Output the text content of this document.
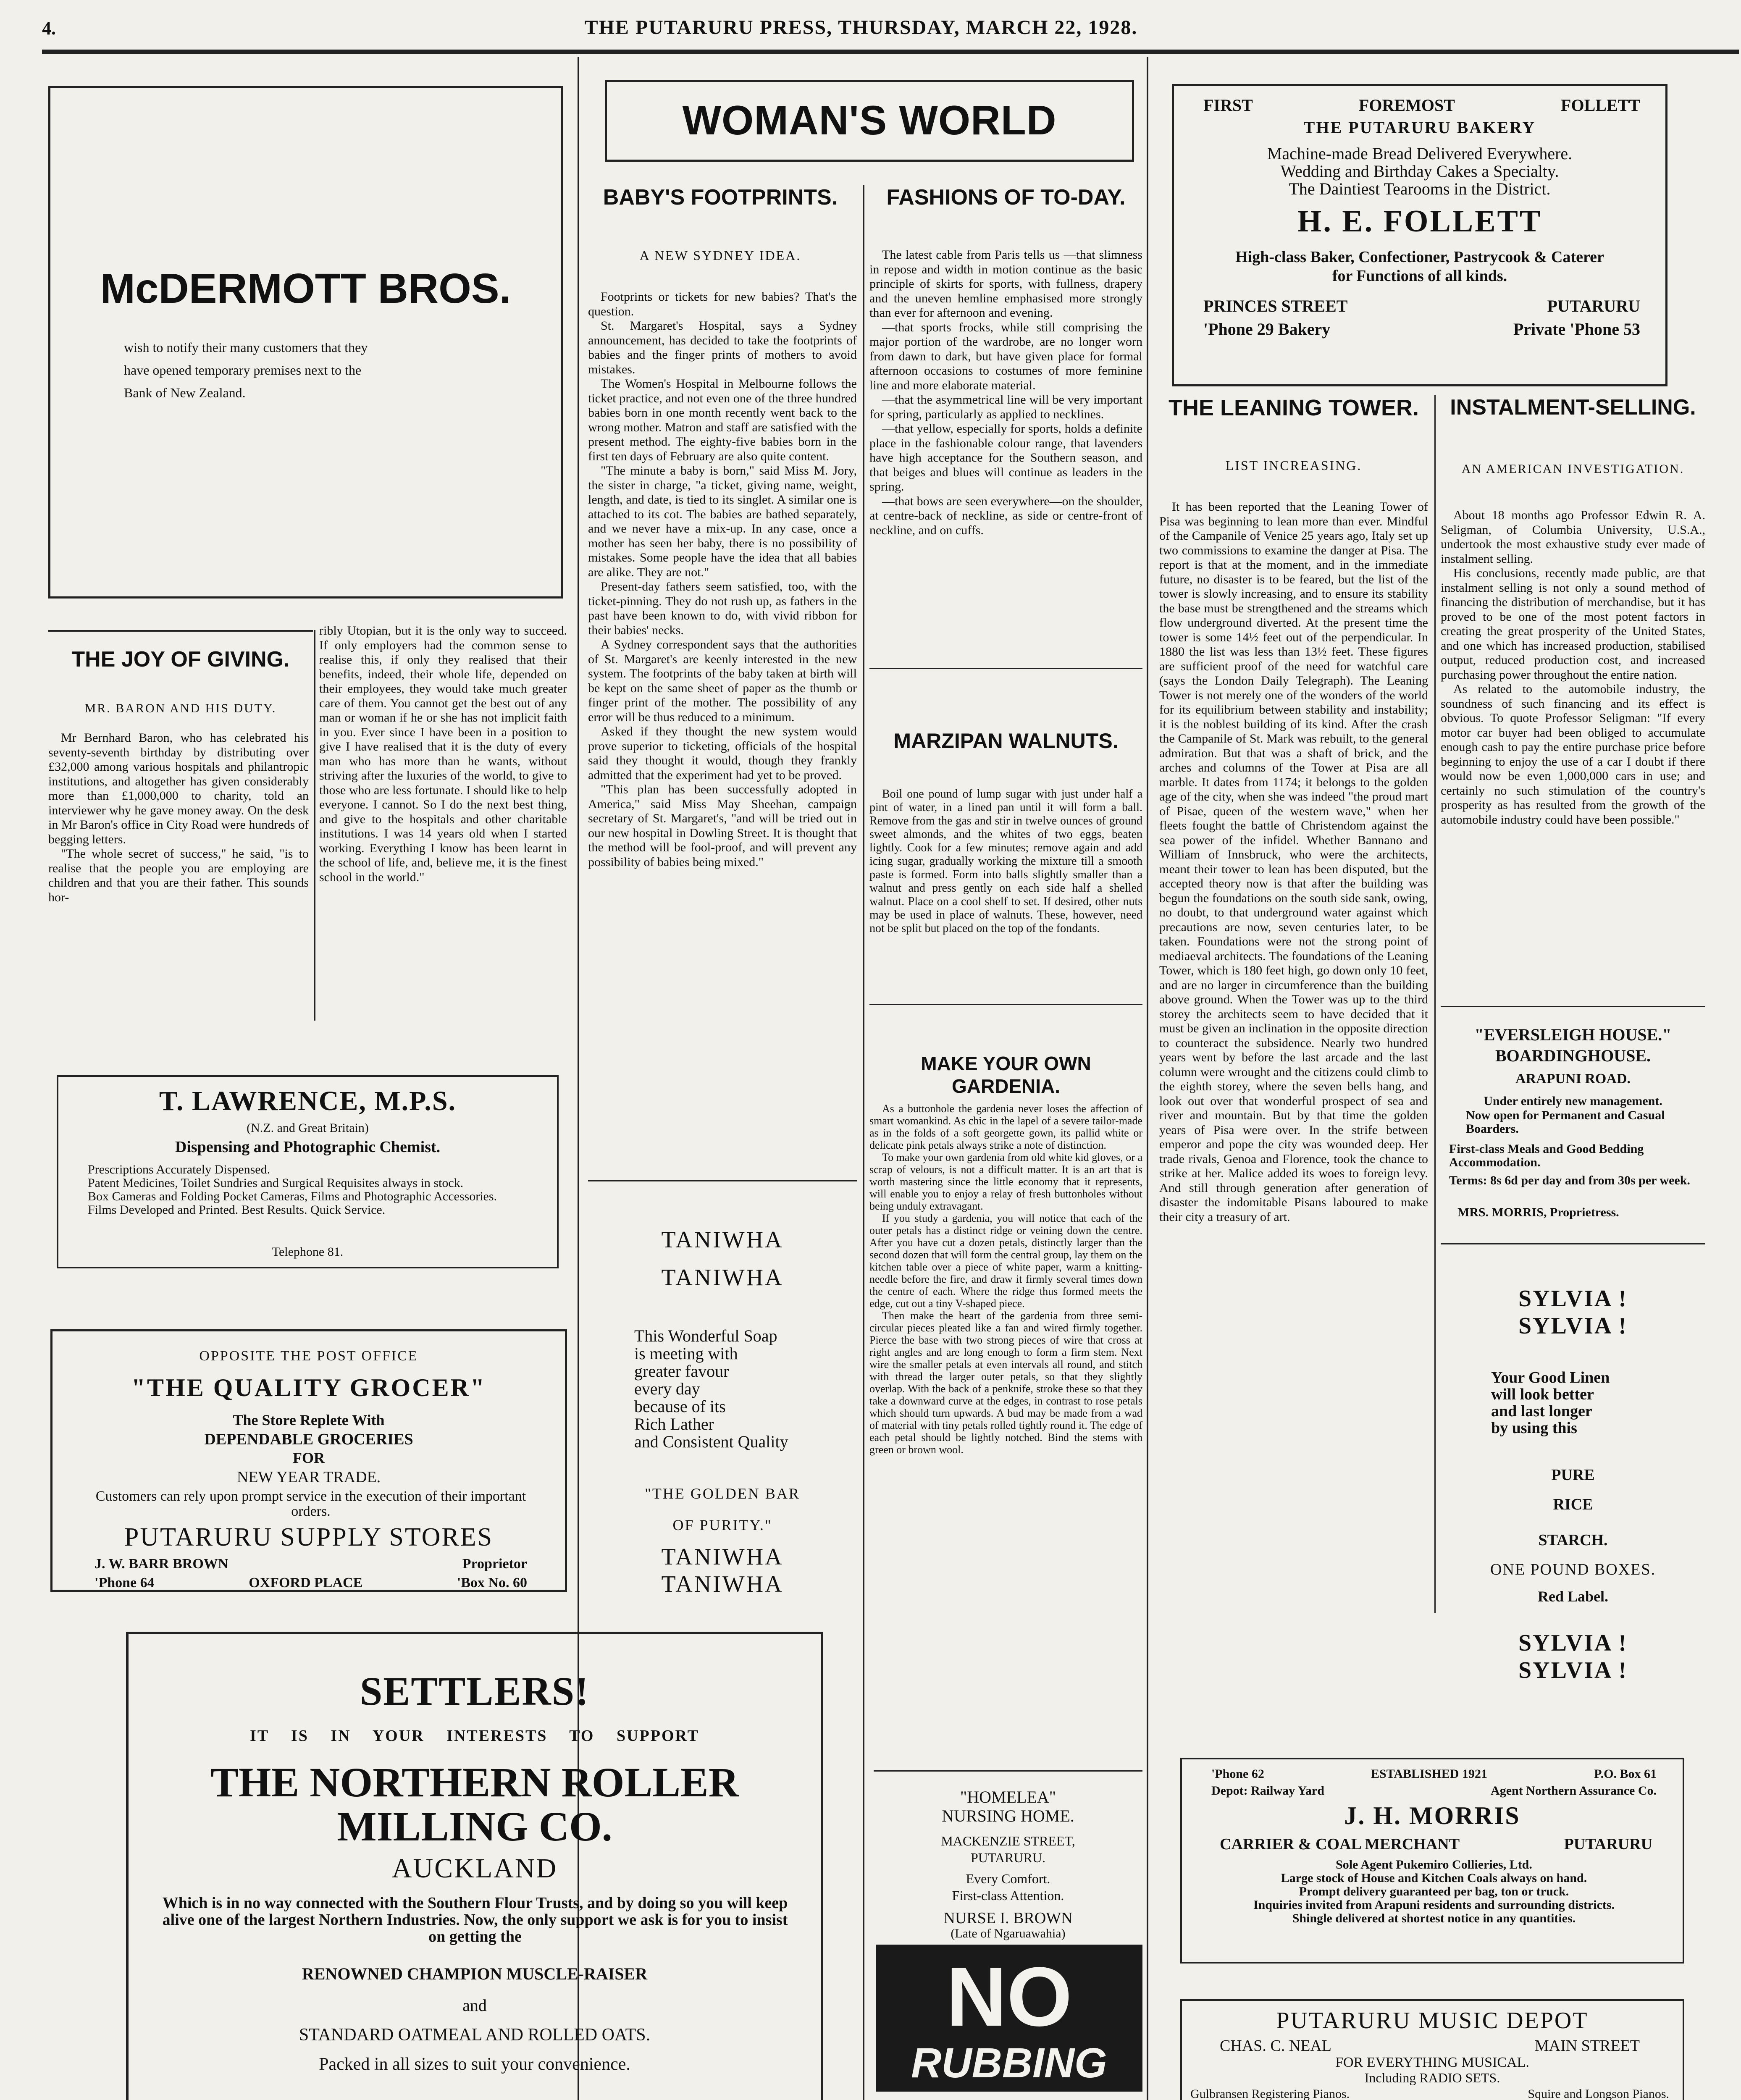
4.	THE PUTARURU PRESS, THURSDAY, MARCH 22, 1928.
McDERMOTT BROS.
wish to notify their many customers that they
have opened temporary premises next to the
Bank of New Zealand.
THE JOY OF GIVING.
MR. BARON AND HIS DUTY.

Mr Bernhard Baron, who has celebrated his seventy-seventh birthday by distributing over £32,000 among various hospitals and philantropic institutions, and altogether has given considerably more than £1,000,000 to charity, told an interviewer why he gave money away. On the desk in Mr Baron's office in City Road were hundreds of begging letters.

"The whole secret of success," he said, "is to realise that the people you are employing are children and that you are their father. This sounds hor-

ribly Utopian, but it is the only way to succeed. If only employers had the common sense to realise this, if only they realised that their benefits, indeed, their whole life, depended on their employees, they would take much greater care of them. You cannot get the best out of any man or woman if he or she has not implicit faith in you. Ever since I have been in a position to give I have realised that it is the duty of every man who has more than he wants, without striving after the luxuries of the world, to give to those who are less fortunate. I should like to help everyone. I cannot. So I do the next best thing, and give to the hospitals and other charitable institutions. I was 14 years old when I started working. Everything I know has been learnt in the school of life, and, believe me, it is the finest school in the world."

T. LAWRENCE, M.P.S.
(N.Z. and Great Britain)
Dispensing and Photographic Chemist.
Prescriptions Accurately Dispensed.
Patent Medicines, Toilet Sundries and Surgical Requisites always in stock.
Box Cameras and Folding Pocket Cameras, Films and Photographic Accessories.
Films Developed and Printed. Best Results. Quick Service.
Telephone 81.
OPPOSITE THE POST OFFICE
"THE QUALITY GROCER"
The Store Replete With
DEPENDABLE GROCERIES
FOR
NEW YEAR TRADE.
Customers can rely upon prompt service in the execution of their important orders.
PUTARURU SUPPLY STORES
J. W. BARR BROWN	Proprietor
'Phone 64	OXFORD PLACE	'Box No. 60
SETTLERS!
IT IS IN YOUR INTERESTS TO SUPPORT
THE NORTHERN ROLLER
MILLING CO.
AUCKLAND
Which is in no way connected with the Southern Flour Trusts, and by doing so you will keep alive one of the largest Northern Industries. Now, the only support we ask is for you to insist on getting the
RENOWNED CHAMPION MUSCLE-RAISER
and
STANDARD OATMEAL AND ROLLED OATS.
Packed in all sizes to suit your convenience.
WOMAN'S WORLD
BABY'S FOOTPRINTS.
A NEW SYDNEY IDEA.

Footprints or tickets for new babies? That's the question.

St. Margaret's Hospital, says a Sydney announcement, has decided to take the footprints of babies and the finger prints of mothers to avoid mistakes.

The Women's Hospital in Melbourne follows the ticket practice, and not even one of the three hundred babies born in one month recently went back to the wrong mother. Matron and staff are satisfied with the present method. The eighty-five babies born in the first ten days of February are also quite content.

"The minute a baby is born," said Miss M. Jory, the sister in charge, "a ticket, giving name, weight, length, and date, is tied to its singlet. A similar one is attached to its cot. The babies are bathed separately, and we never have a mix-up. In any case, once a mother has seen her baby, there is no possibility of mistakes. Some people have the idea that all babies are alike. They are not."

Present-day fathers seem satisfied, too, with the ticket-pinning. They do not rush up, as fathers in the past have been known to do, with vivid ribbon for their babies' necks.

A Sydney correspondent says that the authorities of St. Margaret's are keenly interested in the new system. The footprints of the baby taken at birth will be kept on the same sheet of paper as the thumb or finger print of the mother. The possibility of any error will be thus reduced to a minimum.

Asked if they thought the new system would prove superior to ticketing, officials of the hospital said they thought it would, though they frankly admitted that the experiment had yet to be proved.

"This plan has been successfully adopted in America," said Miss May Sheehan, campaign secretary of St. Margaret's, "and will be tried out in our new hospital in Dowling Street. It is thought that the method will be fool-proof, and will prevent any possibility of babies being mixed."

FASHIONS OF TO-DAY.

The latest cable from Paris tells us —that slimness in repose and width in motion continue as the basic principle of skirts for sports, with fullness, drapery and the uneven hemline emphasised more strongly than ever for afternoon and evening.

—that sports frocks, while still comprising the major portion of the wardrobe, are no longer worn from dawn to dark, but have given place for formal afternoon occasions to costumes of more feminine line and more elaborate material.

—that the asymmetrical line will be very important for spring, particularly as applied to necklines.

—that yellow, especially for sports, holds a definite place in the fashionable colour range, that lavenders have high acceptance for the Southern season, and that beiges and blues will continue as leaders in the spring.

—that bows are seen everywhere—on the shoulder, at centre-back of neckline, as side or centre-front of neckline, and on cuffs.

MARZIPAN WALNUTS.

Boil one pound of lump sugar with just under half a pint of water, in a lined pan until it will form a ball. Remove from the gas and stir in twelve ounces of ground sweet almonds, and the whites of two eggs, beaten lightly. Cook for a few minutes; remove again and add icing sugar, gradually working the mixture till a smooth paste is formed. Form into balls slightly smaller than a walnut and press gently on each side half a shelled walnut. Place on a cool shelf to set. If desired, other nuts may be used in place of walnuts. These, however, need not be split but placed on the top of the fondants.

MAKE YOUR OWN GARDENIA.

As a buttonhole the gardenia never loses the affection of smart womankind. As chic in the lapel of a severe tailor-made as in the folds of a soft georgette gown, its pallid white or delicate pink petals always strike a note of distinction.

To make your own gardenia from old white kid gloves, or a scrap of velours, is not a difficult matter. It is an art that is worth mastering since the little economy that it represents, will enable you to enjoy a relay of fresh buttonholes without being unduly extravagant.

If you study a gardenia, you will notice that each of the outer petals has a distinct ridge or veining down the centre. After you have cut a dozen petals, distinctly larger than the second dozen that will form the central group, lay them on the kitchen table over a piece of white paper, warm a knitting-needle before the fire, and draw it firmly several times down the centre of each. Where the ridge thus formed meets the edge, cut out a tiny V-shaped piece.

Then make the heart of the gardenia from three semi-circular pieces pleated like a fan and wired firmly together. Pierce the base with two strong pieces of wire that cross at right angles and are long enough to form a firm stem. Next wire the smaller petals at even intervals all round, and stitch with thread the larger outer petals, so that they slightly overlap. With the back of a penknife, stroke these so that they take a downward curve at the edges, in contrast to rose petals which should turn upwards. A bud may be made from a wad of material with tiny petals rolled tightly round it. The edge of each petal should be lightly notched. Bind the stems with green or brown wool.

TANIWHA
TANIWHA
This Wonderful Soap
is meeting with
greater favour
every day
because of its
Rich Lather
and Consistent Quality
"THE GOLDEN BAR
OF PURITY."
TANIWHA
TANIWHA
"HOMELEA"
NURSING HOME.
MACKENZIE STREET,
PUTARURU.
Every Comfort.
First-class Attention.
NURSE I. BROWN
(Late of Ngaruawahia)
NO
RUBBING
FIRST	FOREMOST	FOLLETT
THE PUTARURU BAKERY
Machine-made Bread Delivered Everywhere.
Wedding and Birthday Cakes a Specialty.
The Daintiest Tearooms in the District.
H. E. FOLLETT
High-class Baker, Confectioner, Pastrycook & Caterer
for Functions of all kinds.
PRINCES STREET	PUTARURU
'Phone 29 Bakery	Private 'Phone 53
THE LEANING TOWER.
LIST INCREASING.

It has been reported that the Leaning Tower of Pisa was beginning to lean more than ever. Mindful of the Campanile of Venice 25 years ago, Italy set up two commissions to examine the danger at Pisa. The report is that at the moment, and in the immediate future, no disaster is to be feared, but the list of the tower is slowly increasing, and to ensure its stability the base must be strengthened and the streams which flow underground diverted. At the present time the tower is some 14½ feet out of the perpendicular. In 1880 the list was less than 13½ feet. These figures are sufficient proof of the need for watchful care (says the London Daily Telegraph). The Leaning Tower is not merely one of the wonders of the world for its equilibrium between stability and instability; it is the noblest building of its kind. After the crash the Campanile of St. Mark was rebuilt, to the general admiration. But that was a shaft of brick, and the arches and columns of the Tower at Pisa are all marble. It dates from 1174; it belongs to the golden age of the city, when she was indeed "the proud mart of Pisae, queen of the western wave," when her fleets fought the battle of Christendom against the sea power of the infidel. Whether Bannano and William of Innsbruck, who were the architects, meant their tower to lean has been disputed, but the accepted theory now is that after the building was begun the foundations on the south side sank, owing, no doubt, to that underground water against which precautions are now, seven centuries later, to be taken. Foundations were not the strong point of mediaeval architects. The foundations of the Leaning Tower, which is 180 feet high, go down only 10 feet, and are no larger in circumference than the building above ground. When the Tower was up to the third storey the architects seem to have decided that it must be given an inclination in the opposite direction to counteract the subsidence. Nearly two hundred years went by before the last arcade and the last column were wrought and the citizens could climb to the eighth storey, where the seven bells hang, and look out over that wonderful prospect of sea and river and mountain. But by that time the golden years of Pisa were over. In the strife between emperor and pope the city was wounded deep. Her trade rivals, Genoa and Florence, took the chance to strike at her. Malice added its woes to foreign levy. And still through generation after generation of disaster the indomitable Pisans laboured to make their city a treasury of art.

INSTALMENT-SELLING.
AN AMERICAN INVESTIGATION.

About 18 months ago Professor Edwin R. A. Seligman, of Columbia University, U.S.A., undertook the most exhaustive study ever made of instalment selling.

His conclusions, recently made public, are that instalment selling is not only a sound method of financing the distribution of merchandise, but it has proved to be one of the most potent factors in creating the great prosperity of the United States, and one which has increased production, stabilised output, reduced production cost, and increased purchasing power throughout the entire nation.

As related to the automobile industry, the soundness of such financing and its effect is obvious. To quote Professor Seligman: "If every motor car buyer had been obliged to accumulate enough cash to pay the entire purchase price before beginning to enjoy the use of a car I doubt if there would now be even 1,000,000 cars in use; and certainly no such stimulation of the country's prosperity as has resulted from the growth of the automobile industry could have been possible."

"EVERSLEIGH HOUSE."
BOARDINGHOUSE.
ARAPUNI ROAD.
Under entirely new management.
Now open for Permanent and Casual Boarders.
First-class Meals and Good Bedding Accommodation.
Terms: 8s 6d per day and from 30s per week.
MRS. MORRIS, Proprietress.
SYLVIA !
SYLVIA !
Your Good Linen
will look better
and last longer
by using this
PURE
RICE
STARCH.
ONE POUND BOXES.
Red Label.
SYLVIA !
SYLVIA !
'Phone 62	ESTABLISHED 1921	P.O. Box 61
Depot: Railway Yard	Agent Northern Assurance Co.
J. H. MORRIS
CARRIER & COAL MERCHANT	PUTARURU
Sole Agent Pukemiro Collieries, Ltd.
Large stock of House and Kitchen Coals always on hand.
Prompt delivery guaranteed per bag, ton or truck.
Inquiries invited from Arapuni residents and surrounding districts.
Shingle delivered at shortest notice in any quantities.
PUTARURU MUSIC DEPOT
CHAS. C. NEAL	MAIN STREET
FOR EVERYTHING MUSICAL.
Including RADIO SETS.
Gulbransen Registering Pianos.	Squire and Longson Pianos.
